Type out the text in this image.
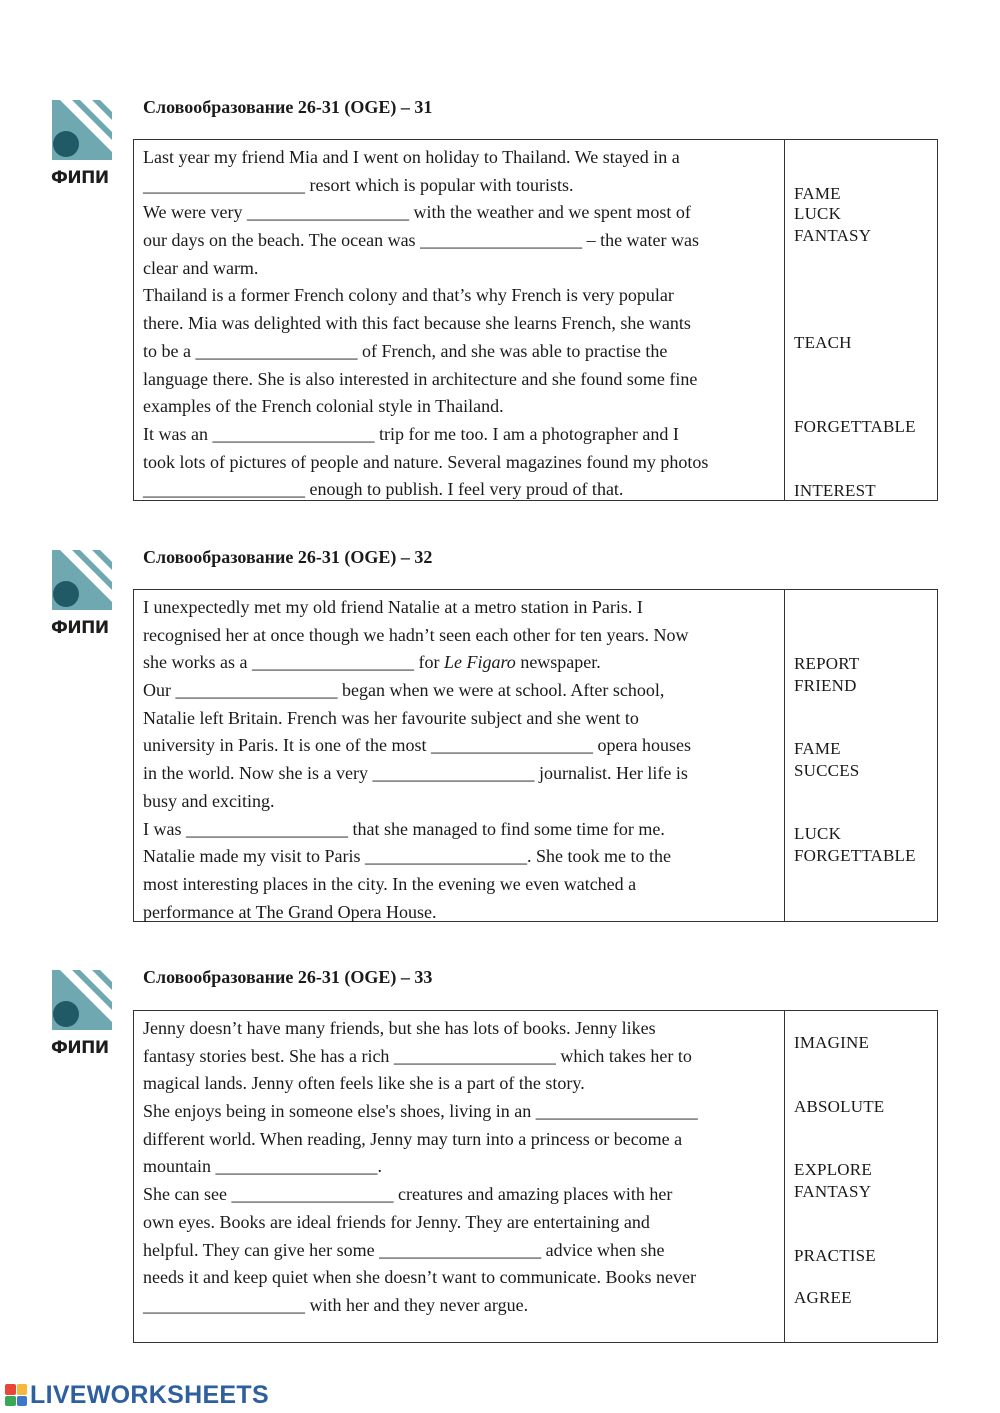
ФИПИ
Словообразование 26-31 (OGE) – 31
Last year my friend Mia and I went on holiday to Thailand. We stayed in a
__________________ resort which is popular with tourists.
We were very __________________ with the weather and we spent most of
our days on the beach. The ocean was __________________ – the water was
clear and warm.
Thailand is a former French colony and that’s why French is very popular
there. Mia was delighted with this fact because she learns French, she wants
to be a __________________ of French, and she was able to practise the
language there. She is also interested in architecture and she found some fine
examples of the French colonial style in Thailand.
It was an __________________ trip for me too. I am a photographer and I
took lots of pictures of people and nature. Several magazines found my photos
__________________ enough to publish. I feel very proud of that.
FAME
LUCK
FANTASY
TEACH
FORGETTABLE
INTEREST
ФИПИ
Словообразование 26-31 (OGE) – 32
I unexpectedly met my old friend Natalie at a metro station in Paris. I
recognised her at once though we hadn’t seen each other for ten years. Now
she works as a __________________ for Le Figaro newspaper.
Our __________________ began when we were at school. After school,
Natalie left Britain. French was her favourite subject and she went to
university in Paris. It is one of the most __________________ opera houses
in the world. Now she is a very __________________ journalist. Her life is
busy and exciting.
I was __________________ that she managed to find some time for me.
Natalie made my visit to Paris __________________. She took me to the
most interesting places in the city. In the evening we even watched a
performance at The Grand Opera House.
REPORT
FRIEND
FAME
SUCCES
LUCK
FORGETTABLE
ФИПИ
Словообразование 26-31 (OGE) – 33
Jenny doesn’t have many friends, but she has lots of books. Jenny likes
fantasy stories best. She has a rich __________________ which takes her to
magical lands. Jenny often feels like she is a part of the story.
She enjoys being in someone else's shoes, living in an __________________
different world. When reading, Jenny may turn into a princess or become a
mountain __________________.
She can see __________________ creatures and amazing places with her
own eyes. Books are ideal friends for Jenny. They are entertaining and
helpful. They can give her some __________________ advice when she
needs it and keep quiet when she doesn’t want to communicate. Books never
__________________ with her and they never argue.
IMAGINE
ABSOLUTE
EXPLORE
FANTASY
PRACTISE
AGREE
LIVEWORKSHEETS
